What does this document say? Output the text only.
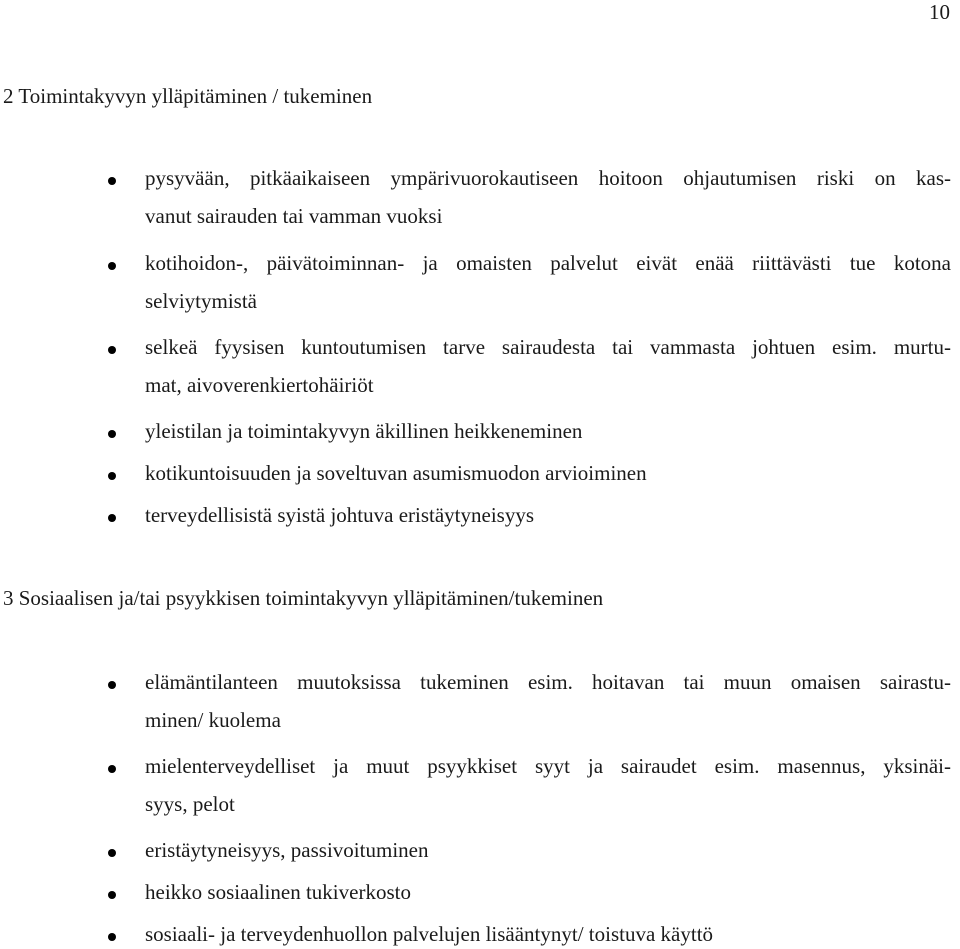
10
2 Toimintakyvyn ylläpitäminen / tukeminen
pysyvään, pitkäaikaiseen ympärivuorokautiseen hoitoon ohjautumisen riski on kas-
vanut sairauden tai vamman vuoksi
kotihoidon-, päivätoiminnan- ja omaisten palvelut eivät enää riittävästi tue kotona
selviytymistä
selkeä fyysisen kuntoutumisen tarve sairaudesta tai vammasta johtuen esim. murtu-
mat, aivoverenkiertohäiriöt
yleistilan ja toimintakyvyn äkillinen heikkeneminen
kotikuntoisuuden ja soveltuvan asumismuodon arvioiminen
terveydellisistä syistä johtuva eristäytyneisyys
3 Sosiaalisen ja/tai psyykkisen toimintakyvyn ylläpitäminen/tukeminen
elämäntilanteen muutoksissa tukeminen esim. hoitavan tai muun omaisen sairastu-
minen/ kuolema
mielenterveydelliset ja muut psyykkiset syyt ja sairaudet esim. masennus, yksinäi-
syys, pelot
eristäytyneisyys, passivoituminen
heikko sosiaalinen tukiverkosto
sosiaali- ja terveydenhuollon palvelujen lisääntynyt/ toistuva käyttö
